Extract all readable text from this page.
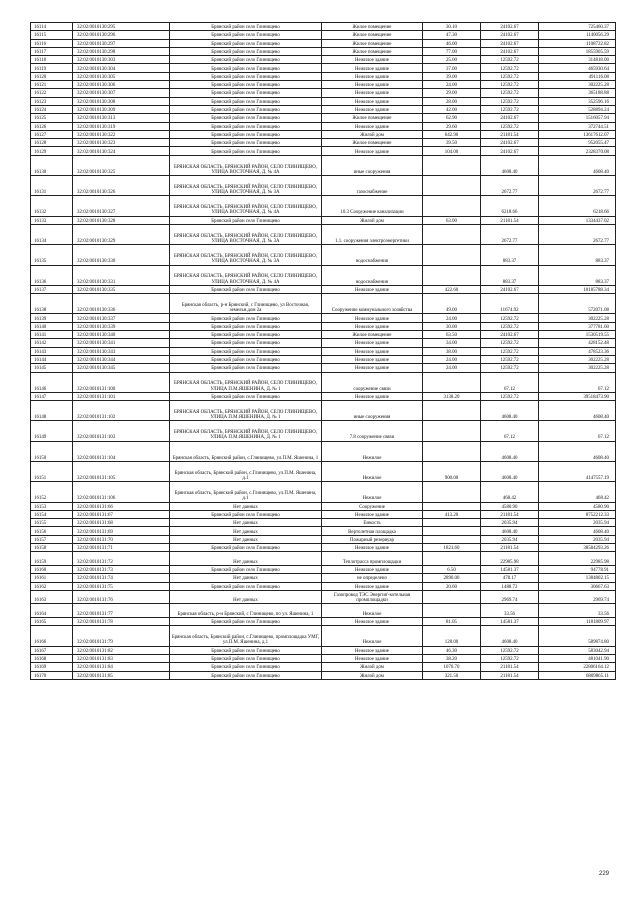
16114	32:02:0010130:295	Брянский район село Глинищево	Жилое помещение	30.10	24102.67	725460.37
16115	32:02:0010130:296	Брянский район село Глинищево	Жилое помещение	47.30	24102.67	1140056.29
16116	32:02:0010130:297	Брянский район село Глинищево	Жилое помещение	46.00	24102.67	1108722.82
16117	32:02:0010130:298	Брянский район село Глинищево	Жилое помещение	77.00	24102.67	1855905.59
16118	32:02:0010130:303	Брянский район село Глинищево	Нежилое здание	25.00	12592.72	314818.00
16119	32:02:0010130:304	Брянский район село Глинищево	Нежилое здание	37.00	12592.72	465930.64
16120	32:02:0010130:305	Брянский район село Глинищево	Нежилое здание	39.00	12592.72	491116.08
16121	32:02:0010130:306	Брянский район село Глинищево	Нежилое здание	24.00	12592.72	302225.28
16122	32:02:0010130:307	Брянский район село Глинищево	Нежилое здание	29.00	12592.72	365188.88
16123	32:02:0010130:308	Брянский район село Глинищево	Нежилое здание	28.00	12592.72	352596.16
16124	32:02:0010130:309	Брянский район село Глинищево	Нежилое здание	42.00	12592.72	528894.24
16125	32:02:0010130:313	Брянский район село Глинищево	Жилое помещение	62.90	24102.67	1516057.94
16126	32:02:0010130:319	Брянский район село Глинищево	Нежилое здание	29.60	12592.72	372744.51
16127	32:02:0010130:322	Брянский район село Глинищево	Жилой дом	642.90	21181.54	13617612.07
16128	32:02:0010130:323	Брянский район село Глинищево	Жилое помещение	39.50	24102.67	952055.47
16129	32:02:0010130:324	Брянский район село Глинищево	Нежилое здание	104.00	24102.67	2328370.08
16130	32:02:0010130:325	БРЯНСКАЯ ОБЛАСТЬ, БРЯНСКИЙ РАЙОН, СЕЛО ГЛИНИЩЕВО, УЛИЦА ВОСТОЧНАЯ, Д. № 4А	иные сооружения		4608.40	4608.40
16131	32:02:0010130:326	БРЯНСКАЯ ОБЛАСТЬ, БРЯНСКИЙ РАЙОН, СЕЛО ГЛИНИЩЕВО, УЛИЦА ВОСТОЧНАЯ, Д. № 3А	газоснабжение		2672.77	2672.77
16132	32:02:0010130:327	БРЯНСКАЯ ОБЛАСТЬ, БРЯНСКИЙ РАЙОН, СЕЛО ГЛИНИЩЕВО, УЛИЦА ВОСТОЧНАЯ, Д. № 4А	10.3 Сооружение канализации		6218.66	6218.66
16133	32:02:0010130:328	Брянский район село Глинищево	Жилой дом	63.00	21181.54	1334437.02
16134	32:02:0010130:329	БРЯНСКАЯ ОБЛАСТЬ, БРЯНСКИЙ РАЙОН, СЕЛО ГЛИНИЩЕВО, УЛИЦА ВОСТОЧНАЯ, Д. № 3А	1.1. сооружения электроэнергетики		2672.77	2672.77
16135	32:02:0010130:330	БРЯНСКАЯ ОБЛАСТЬ, БРЯНСКИЙ РАЙОН, СЕЛО ГЛИНИЩЕВО, УЛИЦА ВОСТОЧНАЯ, Д. № 3А	водоснабжения		883.37	883.37
16136	32:02:0010130:331	БРЯНСКАЯ ОБЛАСТЬ, БРЯНСКИЙ РАЙОН, СЕЛО ГЛИНИЩЕВО, УЛИЦА ВОСТОЧНАЯ, Д. № 4А	водоснабжения		883.37	883.37
16137	32:02:0010130:335	Брянский район село Глинищево	Нежилое здание	422.60	24102.67	10185788.34
16138	32:02:0010130:336	Брянская область, р-н Брянский, с Глинищево, ул Восточная, земельн.дом 2а	Сооружение коммунального хозяйства	49.00	11674.92	572071.08
16139	32:02:0010130:337	Брянский район село Глинищево	Нежилое здание	24.00	12592.72	302225.28
16140	32:02:0010130:339	Брянский район село Глинищево	Нежилое здание	30.00	12592.72	377781.60
16141	32:02:0010130:340	Брянский район село Глинищево	Жилое помещение	63.50	24102.67	1530519.55
16142	32:02:0010130:341	Брянский район село Глинищево	Нежилое здание	34.00	12592.72	428152.48
16143	32:02:0010130:343	Брянский район село Глинищево	Нежилое здание	38.00	12592.72	478523.36
16144	32:02:0010130:344	Брянский район село Глинищево	Нежилое здание	24.00	12592.72	302225.28
16145	32:02:0010130:345	Брянский район село Глинищево	Нежилое здание	24.00	12592.72	302225.28
16146	32:02:0010131:100	БРЯНСКАЯ ОБЛАСТЬ, БРЯНСКИЙ РАЙОН, СЕЛО ГЛИНИЩЕВО, УЛИЦА П.М.ЯШЕНИНА, Д. № 1	сооружение связи		67.12	67.12
16147	32:02:0010131:101	Брянский район село Глинищево	Нежилое здание	3138.20	12592.72	39518473.90
16148	32:02:0010131:102	БРЯНСКАЯ ОБЛАСТЬ, БРЯНСКИЙ РАЙОН, СЕЛО ГЛИНИЩЕВО, УЛИЦА П.М.ЯШЕНИНА, Д. № 1	иные сооружения		4608.40	4608.40
16149	32:02:0010131:103	БРЯНСКАЯ ОБЛАСТЬ, БРЯНСКИЙ РАЙОН, СЕЛО ГЛИНИЩЕВО, УЛИЦА П.М.ЯШЕНИНА, Д. № 1	7.8 сооружение связи		67.12	67.12
16150	32:02:0010131:104	Брянская область, Брянский район, с.Глинищево, ул.П.М. Яшенина, 1	Нежилое		4608.40	4608.40
16151	32:02:0010131:105	Брянская область, Брянский район, с.Глинищево, ул.П.М. Яшенина, д.1	Нежилое	900.00	4608.40	4147557.19
16152	32:02:0010131:106	Брянская область, Брянский район, с.Глинищево, ул.П.М. Яшенина, д.1	Нежилое		468.42	468.42
16153	32:02:0010131:66	Нет данных	Сооружение		4580.90	4580.90
16154	32:02:0010131:67	Брянский район село Глинищево	Нежилое здание	413.20	21181.54	8752212.33
16155	32:02:0010131:68	Нет данных	Емкость		2035.94	2035.94
16156	32:02:0010131:69	Нет данных	Вертолетная площадка		4608.40	4608.40
16157	32:02:0010131:70	Нет данных	Пожарный резервуар		2035.94	2035.94
16158	32:02:0010131:71	Брянский район село Глинищево	Нежилое здание	1821.60	21181.54	38584293.26
16159	32:02:0010131:72	Нет данных	Теплотрасса промплощадки		22985.98	22985.98
16160	32:02:0010131:73	Брянский район село Глинищево	Нежилое здание	6.50	14581.37	94778.91
16161	32:02:0010131:74	Нет данных	не определено	2896.00	478.17	1384802.15
16162	32:02:0010131:75	Брянский район село Глинищево	Нежилое здание	20.60	1488.72	30667.63
16163	32:02:0010131:76	Нет данных	Газопровод ТЭС Энергия'-котельная промплощадки		2969.74	2969.74
16164	32:02:0010131:77	Брянская область, р-н Брянский, с Глинищево, по ул. Яшенина, 1	Нежилое		33.56	33.56
16165	32:02:0010131:78	Брянский район село Глинищево	Нежилое здание	81.05	14581.37	1181809.97
16166	32:02:0010131:79	Брянская область, Брянский район, с.Глинищево, промплощадка УМГ, ул.П.М. Яшенина, д.1	Нежилое	128.00	4608.40	589874.80
16167	32:02:0010131:82	Брянский район село Глинищево	Нежилое здание	46.30	12592.72	583042.94
16168	32:02:0010131:83	Брянский район село Глинищево	Нежилое здание	38.20	12592.72	481041.90
16169	32:02:0010131:84	Брянский район село Глинищево	Жилой дом	1076.70	21181.54	22806164.12
16170	32:02:0010131:85	Брянский район село Глинищево	Жилой дом	321.50	21181.54	6809865.11
229
